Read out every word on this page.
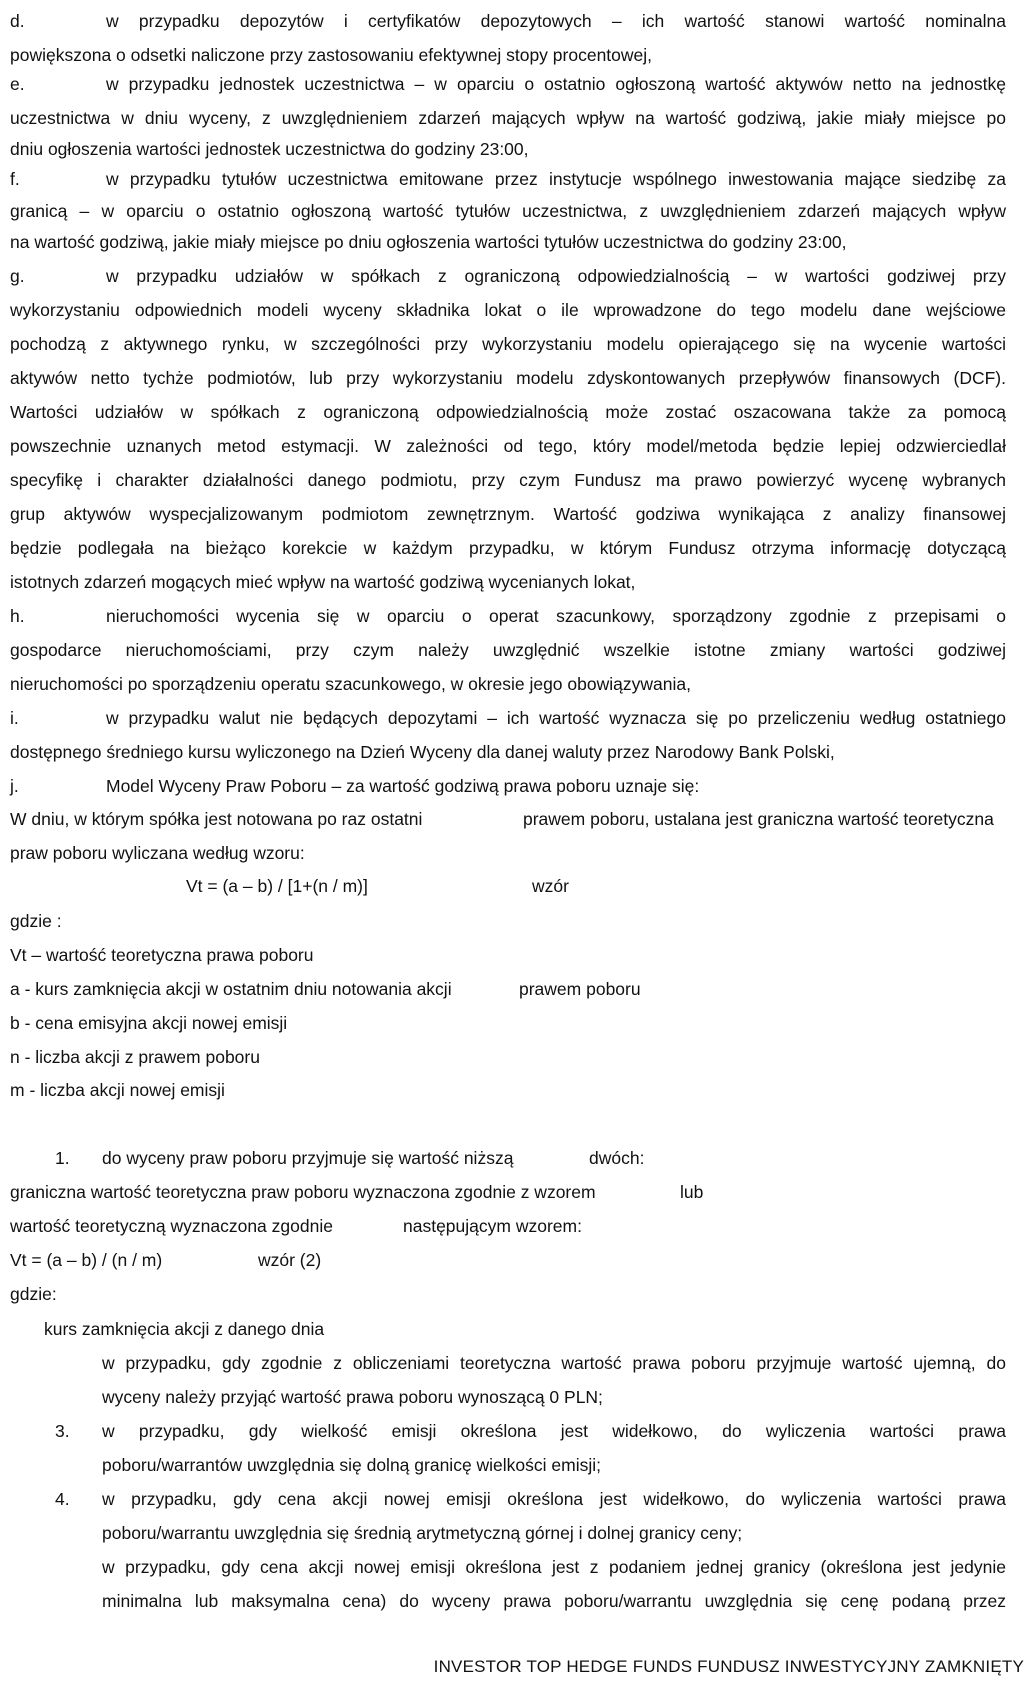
d.	w przypadku depozytów i certyfikatów depozytowych – ich wartość stanowi wartość nominalna
powiększona o odsetki naliczone przy zastosowaniu efektywnej stopy procentowej,
e.	w przypadku jednostek uczestnictwa – w oparciu o ostatnio ogłoszoną wartość aktywów netto na jednostkę
uczestnictwa w dniu wyceny, z uwzględnieniem zdarzeń mających wpływ na wartość godziwą, jakie miały miejsce po
dniu ogłoszenia wartości jednostek uczestnictwa do godziny 23:00,
f.	w przypadku tytułów uczestnictwa emitowane przez instytucje wspólnego inwestowania mające siedzibę za
granicą – w oparciu o ostatnio ogłoszoną wartość tytułów uczestnictwa, z uwzględnieniem zdarzeń mających wpływ
na wartość godziwą, jakie miały miejsce po dniu ogłoszenia wartości tytułów uczestnictwa do godziny 23:00,
g.	w przypadku udziałów w spółkach z ograniczoną odpowiedzialnością – w wartości godziwej przy
wykorzystaniu odpowiednich modeli wyceny składnika lokat o ile wprowadzone do tego modelu dane wejściowe
pochodzą z aktywnego rynku, w szczególności przy wykorzystaniu modelu opierającego się na wycenie wartości
aktywów netto tychże podmiotów, lub przy wykorzystaniu modelu zdyskontowanych przepływów finansowych (DCF).
Wartości udziałów w spółkach z ograniczoną odpowiedzialnością może zostać oszacowana także za pomocą
powszechnie uznanych metod estymacji. W zależności od tego, który model/metoda będzie lepiej odzwierciedlał
specyfikę i charakter działalności danego podmiotu, przy czym Fundusz ma prawo powierzyć wycenę wybranych
grup aktywów wyspecjalizowanym podmiotom zewnętrznym. Wartość godziwa wynikająca z analizy finansowej
będzie podlegała na bieżąco korekcie w każdym przypadku, w którym Fundusz otrzyma informację dotyczącą
istotnych zdarzeń mogących mieć wpływ na wartość godziwą wycenianych lokat,
h.	nieruchomości wycenia się w oparciu o operat szacunkowy, sporządzony zgodnie z przepisami o
gospodarce nieruchomościami, przy czym należy uwzględnić wszelkie istotne zmiany wartości godziwej
nieruchomości po sporządzeniu operatu szacunkowego, w okresie jego obowiązywania,
i.	w przypadku walut nie będących depozytami – ich wartość wyznacza się po przeliczeniu według ostatniego
dostępnego średniego kursu wyliczonego na Dzień Wyceny dla danej waluty przez Narodowy Bank Polski,
j.	Model Wyceny Praw Poboru – za wartość godziwą prawa poboru uznaje się:
W dniu, w którym spółka jest notowana po raz ostatni	prawem poboru, ustalana jest graniczna wartość teoretyczna
praw poboru wyliczana według wzoru:
Vt = (a – b) / [1+(n / m)]	wzór
gdzie :
Vt – wartość teoretyczna prawa poboru
a - kurs zamknięcia akcji w ostatnim dniu notowania akcji	prawem poboru
b - cena emisyjna akcji nowej emisji
n - liczba akcji z prawem poboru
m - liczba akcji nowej emisji
1. do wyceny praw poboru przyjmuje się wartość niższą	dwóch:
graniczna wartość teoretyczna praw poboru wyznaczona zgodnie z wzorem	lub
wartość teoretyczną wyznaczona zgodnie	następującym wzorem:
Vt = (a – b) / (n / m)	wzór (2)
gdzie:
kurs zamknięcia akcji z danego dnia
w przypadku, gdy zgodnie z obliczeniami teoretyczna wartość prawa poboru przyjmuje wartość ujemną, do
wyceny należy przyjąć wartość prawa poboru wynoszącą 0 PLN;
3. w przypadku, gdy wielkość emisji określona jest widełkowo, do wyliczenia wartości prawa
poboru/warrantów uwzględnia się dolną granicę wielkości emisji;
4. w przypadku, gdy cena akcji nowej emisji określona jest widełkowo, do wyliczenia wartości prawa
poboru/warrantu uwzględnia się średnią arytmetyczną górnej i dolnej granicy ceny;
w przypadku, gdy cena akcji nowej emisji określona jest z podaniem jednej granicy (określona jest jedynie
minimalna lub maksymalna cena) do wyceny prawa poboru/warrantu uwzględnia się cenę podaną przez
INVESTOR TOP HEDGE FUNDS FUNDUSZ INWESTYCYJNY ZAMKNIĘTY
